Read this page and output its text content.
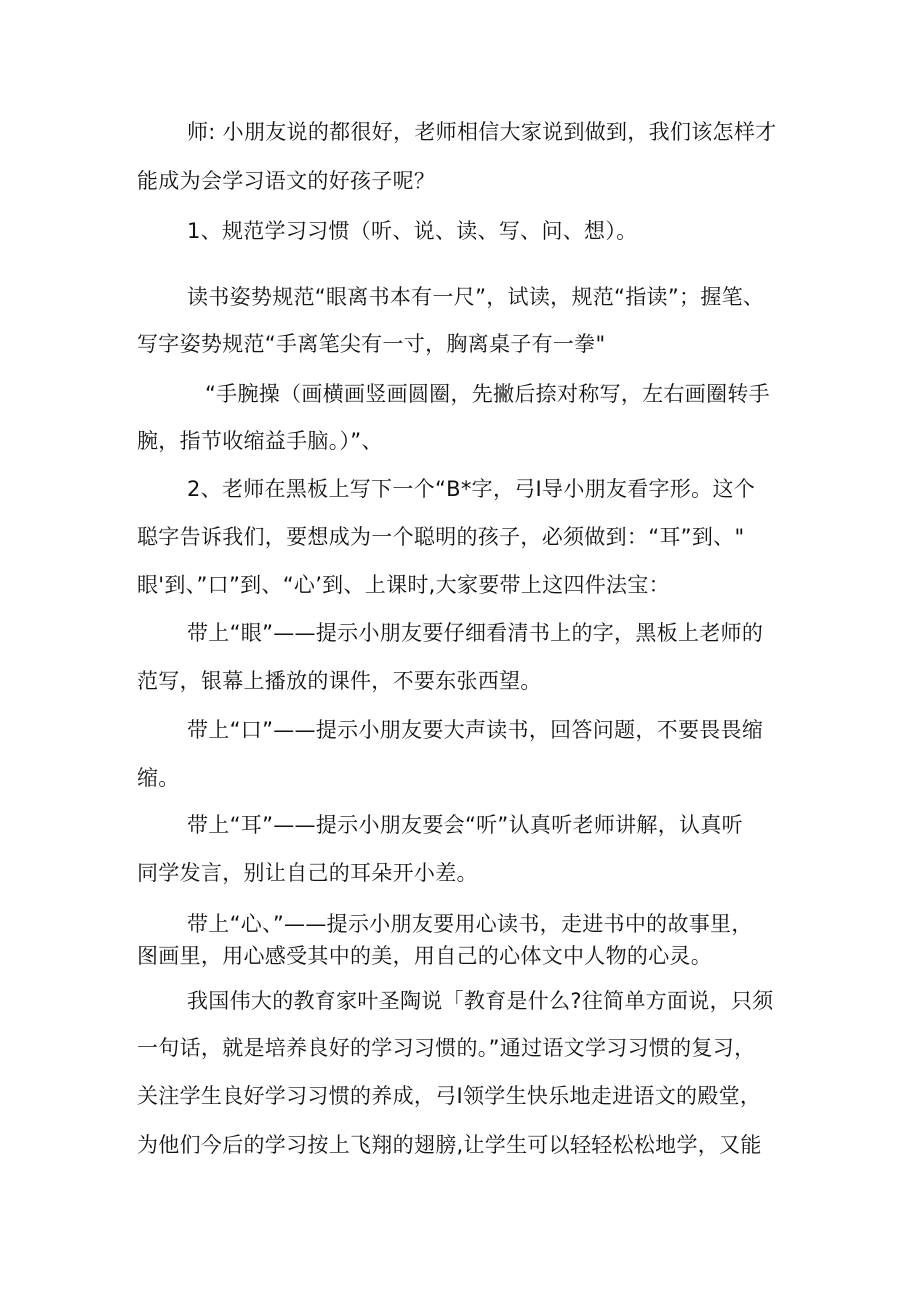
师: 小朋友说的都很好，老师相信大家说到做到，我们该怎样才
能成为会学习语文的好孩子呢？
1、规范学习习惯（听、说、读、写、问、想）。
读书姿势规范“眼离书本有一尺”，试读，规范“指读”；握笔、
写字姿势规范“手离笔尖有一寸，胸离桌子有一拳"
“手腕操（画横画竖画圆圈，先撇后捺对称写，左右画圈转手
腕，指节收缩益手脑。）”、
2、老师在黑板上写下一个“B*字，弓I导小朋友看字形。这个
聪字告诉我们，要想成为一个聪明的孩子，必须做到：“耳”到、"
眼'到、”口”到、“心’到、上课时,大家要带上这四件法宝：
带上“眼”——提示小朋友要仔细看清书上的字，黑板上老师的
范写，银幕上播放的课件，不要东张西望。
带上“口”——提示小朋友要大声读书，回答问题，不要畏畏缩
缩。
带上“耳”——提示小朋友要会“听”认真听老师讲解，认真听
同学发言，别让自己的耳朵开小差。
带上“心、”——提示小朋友要用心读书，走进书中的故事里，
图画里，用心感受其中的美，用自己的心体文中人物的心灵。
我国伟大的教育家叶圣陶说「教育是什么?往简单方面说，只须
一句话，就是培养良好的学习习惯的。”通过语文学习习惯的复习，
关注学生良好学习习惯的养成，弓I领学生快乐地走进语文的殿堂，
为他们今后的学习按上飞翔的翅膀,让学生可以轻轻松松地学，又能
